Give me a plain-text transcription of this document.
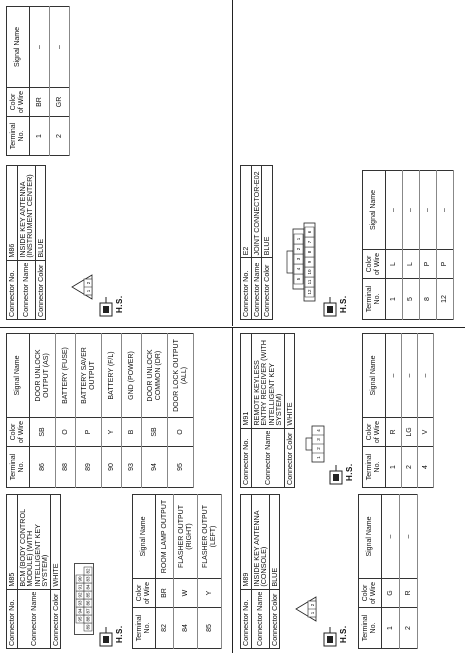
Connector No.	M85
Connector Name	BCM (BODY CONTROL MODULE) (WITH INTELLIGENT KEY SYSTEM)
Connector Color	WHITE
95
94
93
92
91
90
89
88
87
86
85
84
83
82
H.S. Terminal No.	Color of Wire	Signal Name
82	BR	ROOM LAMP OUTPUT
84	W	FLASHER OUTPUT (RIGHT)
85	Y	FLASHER OUTPUT (LEFT)
Terminal No.	Color of Wire	Signal Name
86	SB	DOOR UNLOCK OUTPUT (AS)
88	O	BATTERY (FUSE)
89	P	BATTERY SAVER OUTPUT
90	Y	BATTERY (F/L)
93	B	GND (POWER)
94	SB	DOOR UNLOCK COMMON (DR)
95	O	DOOR LOCK OUTPUT (ALL)
Connector No.	M86
Connector Name	INSIDE KEY ANTENNA (INSTRUMENT CENTER)
Connector Color	BLUE
1
2
H.S.
Terminal No.	Color of Wire	Signal Name
1	BR	–
2	GR	–
Connector No.	M89
Connector Name	INSIDE KEY ANTENNA (CONSOLE)
Connector Color	BLUE
1
2
H.S. Terminal No.	Color of Wire	Signal Name
1	G	–
2	R	–
Connector No.	M91
Connector Name	REMOTE KEYLESS ENTRY RECEIVER (WITH INTELLIGENT KEY SYSTEM)
Connector Color	WHITE
1
2
3
4
H.S. Terminal No.	Color of Wire	Signal Name
1	R	–
2	LG	–
4	V	–
Connector No.	E2
Connector Name	JOINT CONNECTOR-E02
Connector Color	BLUE
5
4
3
2
1
12
11
10
9
8
7
6
H.S.	Terminal No.	Color of Wire	Signal Name
1	L	–
5	L	–
8	P	–
12	P	–
